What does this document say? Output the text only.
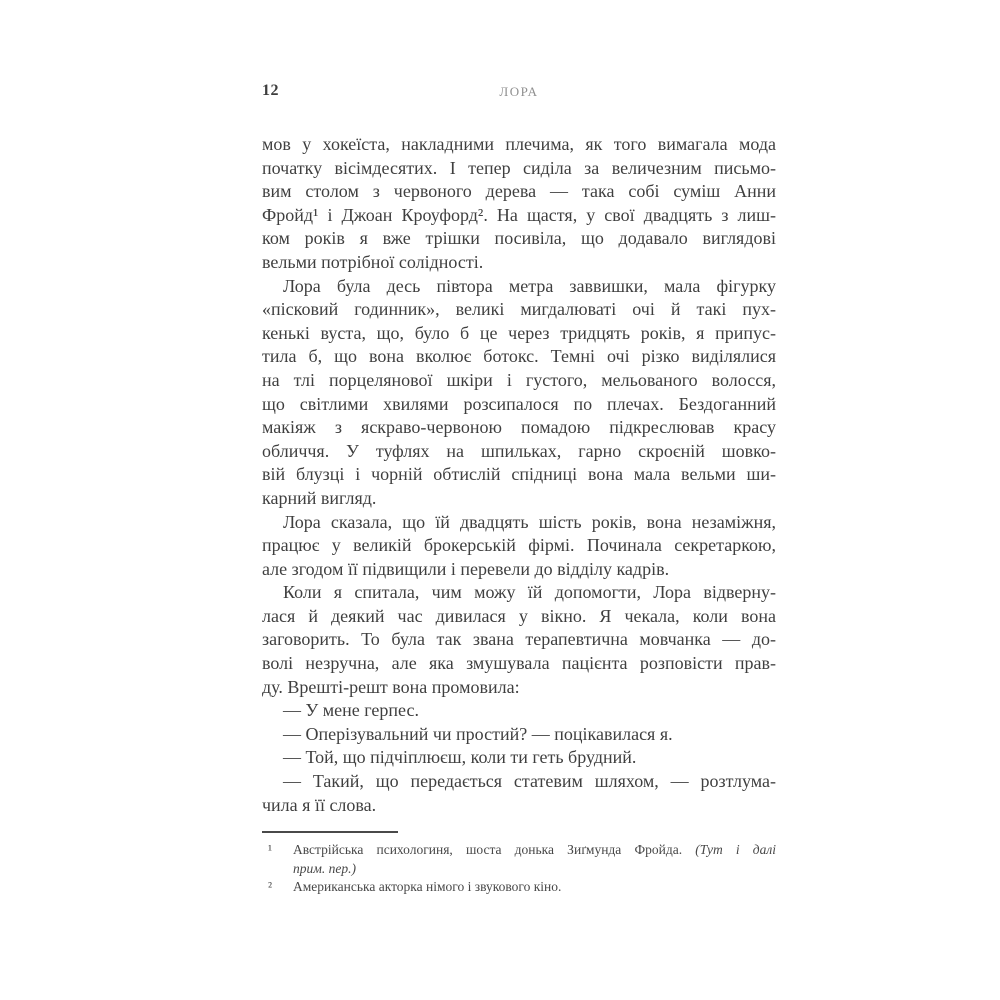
12	ЛОРА
мов у хокеїста, накладними плечима, як того вимагала мода
початку вісімдесятих. І тепер сиділа за величезним письмо-
вим столом з червоного дерева — така собі суміш Анни
Фройд¹ і Джоан Кроуфорд². На щастя, у свої двадцять з лиш-
ком років я вже трішки посивіла, що додавало виглядові
вельми потрібної солідності.
Лора була десь півтора метра заввишки, мала фігурку
«пісковий годинник», великі мигдалюваті очі й такі пух-
кенькі вуста, що, було б це через тридцять років, я припус-
тила б, що вона вколює ботокс. Темні очі різко виділялися
на тлі порцелянової шкіри і густого, мельованого волосся,
що світлими хвилями розсипалося по плечах. Бездоганний
макіяж з яскраво-червоною помадою підкреслював красу
обличчя. У туфлях на шпильках, гарно скроєній шовко-
вій блузці і чорній обтислій спідниці вона мала вельми ши-
карний вигляд.
Лора сказала, що їй двадцять шість років, вона незаміжня,
працює у великій брокерській фірмі. Починала секретаркою,
але згодом її підвищили і перевели до відділу кадрів.
Коли я спитала, чим можу їй допомогти, Лора відверну-
лася й деякий час дивилася у вікно. Я чекала, коли вона
заговорить. То була так звана терапевтична мовчанка — до-
волі незручна, але яка змушувала пацієнта розповісти прав-
ду. Врешті-решт вона промовила:
— У мене герпес.
— Оперізувальний чи простий? — поцікавилася я.
— Той, що підчіплюєш, коли ти геть брудний.
— Такий, що передається статевим шляхом, — розтлума-
чила я її слова.
¹ Австрійська психологиня, шоста донька Зиґмунда Фройда. (Тут і далі
прим. пер.)
² Американська акторка німого і звукового кіно.
